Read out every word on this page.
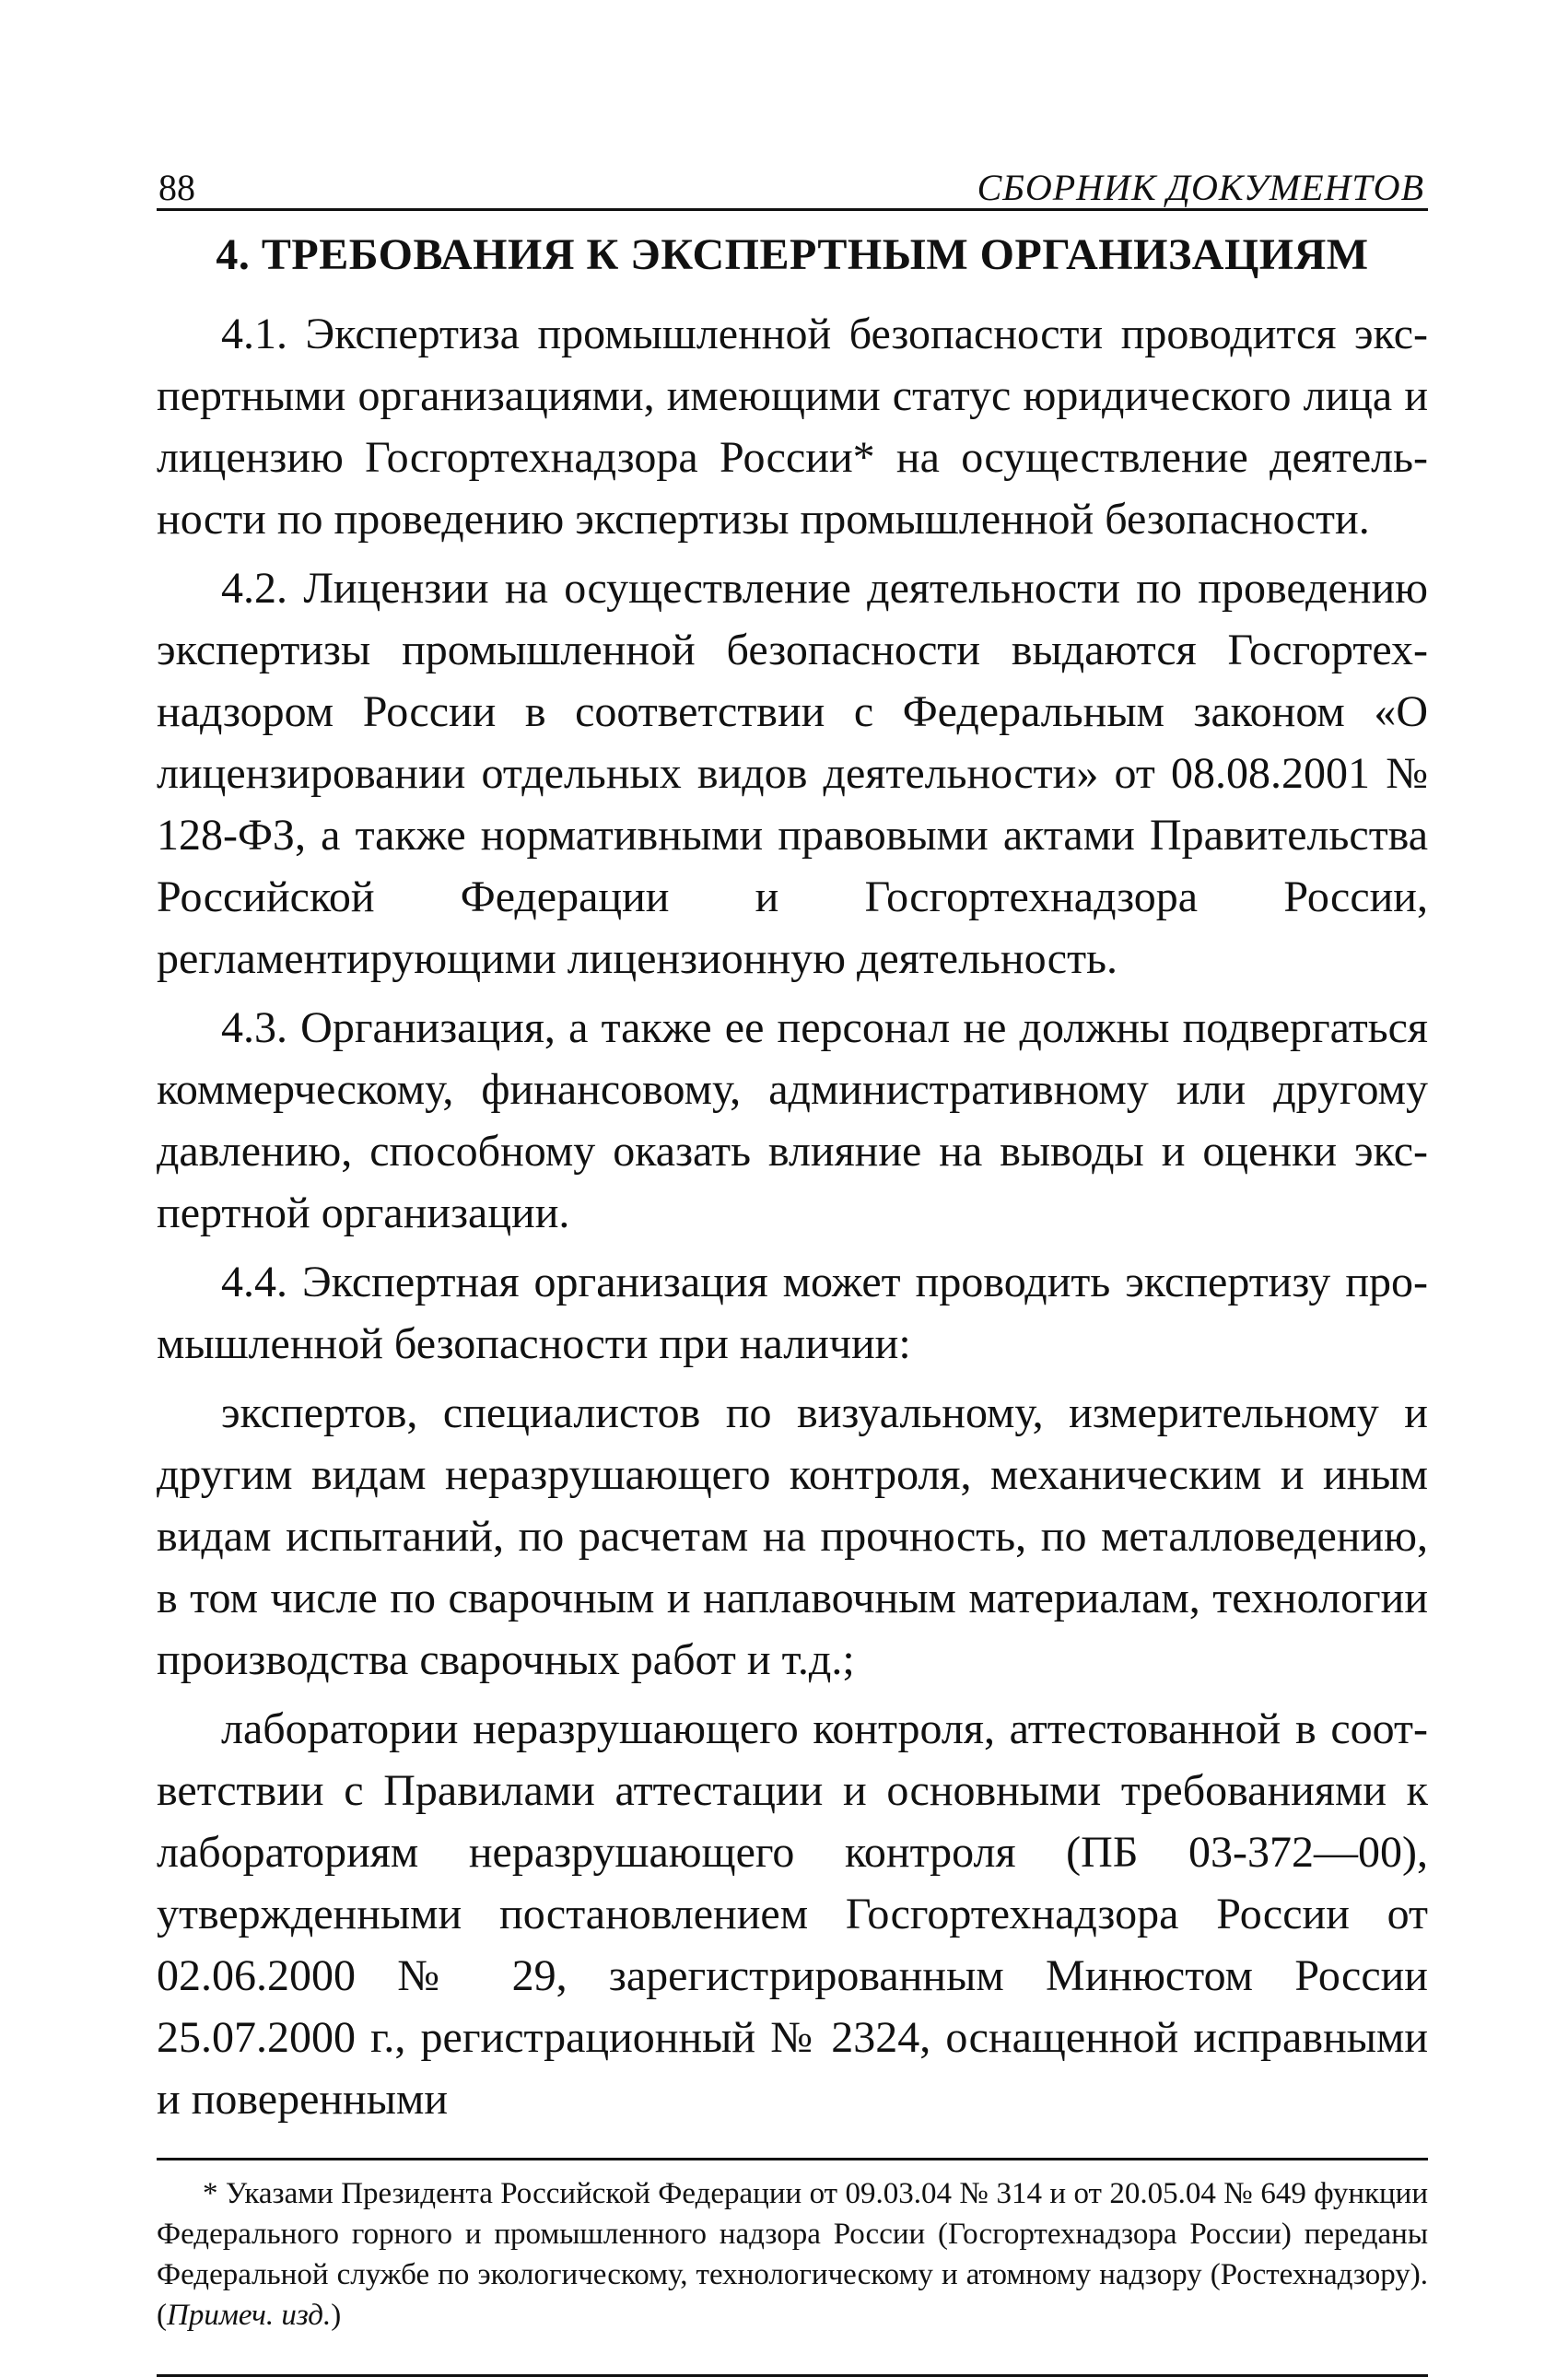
88	СБОРНИК ДОКУМЕНТОВ
4. ТРЕБОВАНИЯ К ЭКСПЕРТНЫМ ОРГАНИЗАЦИЯМ

4.1. Экспертиза промышленной безопасности проводится экспертными организациями, имеющими статус юридического лица и лицензию Госгортехнадзора России* на осуществление деятельности по проведению экспертизы промышленной безопасности.

4.2. Лицензии на осуществление деятельности по проведению экспертизы промышленной безопасности выдаются Госгортехнадзором России в соответствии с Федеральным законом «О лицензировании отдельных видов деятельности» от 08.08.2001 № 128-ФЗ, а также нормативными правовыми актами Правительства Российской Федерации и Госгортехнадзора России, регламентирующими лицензионную деятельность.

4.3. Организация, а также ее персонал не должны подвергаться коммерческому, финансовому, административному или другому давлению, способному оказать влияние на выводы и оценки экспертной организации.

4.4. Экспертная организация может проводить экспертизу промышленной безопасности при наличии:

экспертов, специалистов по визуальному, измерительному и другим видам неразрушающего контроля, механическим и иным видам испытаний, по расчетам на прочность, по металловедению, в том числе по сварочным и наплавочным материалам, технологии производства сварочных работ и т.д.;

лаборатории неразрушающего контроля, аттестованной в соответствии с Правилами аттестации и основными требованиями к лабораториям неразрушающего контроля (ПБ 03-372—00), утвержденными постановлением Госгортехнадзора России от 02.06.2000 № 29, зарегистрированным Минюстом России 25.07.2000 г., регистрационный № 2324, оснащенной исправными и поверенными

* Указами Президента Российской Федерации от 09.03.04 № 314 и от 20.05.04 № 649 функции Федерального горного и промышленного надзора России (Госгортехнадзора России) переданы Федеральной службе по экологическому, технологическому и атомному надзору (Ростехнадзору). (Примеч. изд.)
